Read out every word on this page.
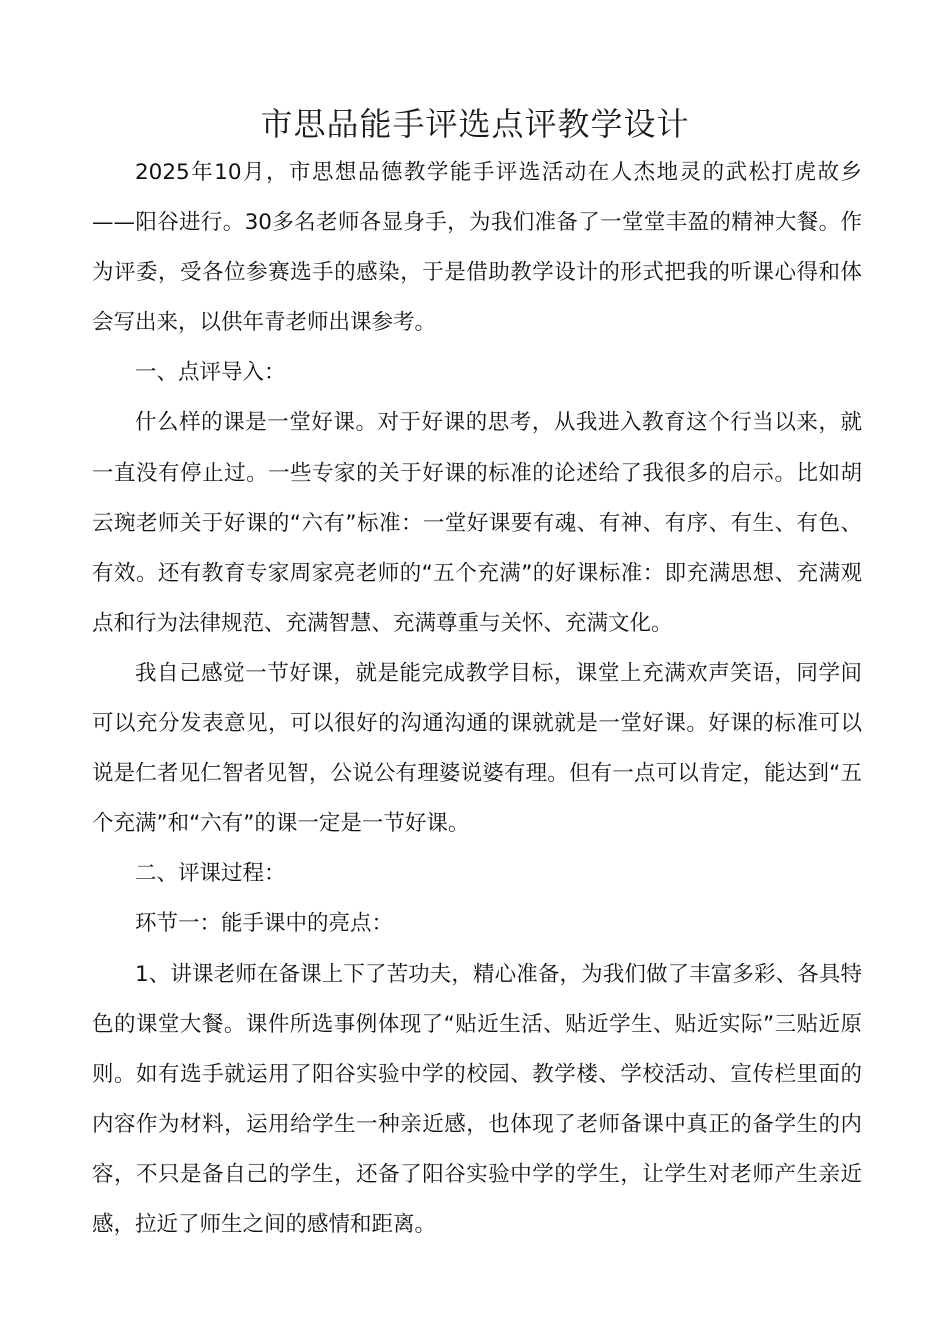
市思品能手评选点评教学设计

2025年10月，市思想品德教学能手评选活动在人杰地灵的武松打虎故乡——阳谷进行。30多名老师各显身手，为我们准备了一堂堂丰盈的精神大餐。作为评委，受各位参赛选手的感染，于是借助教学设计的形式把我的听课心得和体会写出来，以供年青老师出课参考。

一、点评导入：

什么样的课是一堂好课。对于好课的思考，从我进入教育这个行当以来，就一直没有停止过。一些专家的关于好课的标准的论述给了我很多的启示。比如胡云琬老师关于好课的“六有”标准：一堂好课要有魂、有神、有序、有生、有色、有效。还有教育专家周家亮老师的“五个充满”的好课标准：即充满思想、充满观点和行为法律规范、充满智慧、充满尊重与关怀、充满文化。

我自己感觉一节好课，就是能完成教学目标，课堂上充满欢声笑语，同学间可以充分发表意见，可以很好的沟通沟通的课就就是一堂好课。好课的标准可以说是仁者见仁智者见智，公说公有理婆说婆有理。但有一点可以肯定，能达到“五个充满”和“六有”的课一定是一节好课。

二、评课过程：

环节一：能手课中的亮点：

1、讲课老师在备课上下了苦功夫，精心准备，为我们做了丰富多彩、各具特色的课堂大餐。课件所选事例体现了“贴近生活、贴近学生、贴近实际”三贴近原则。如有选手就运用了阳谷实验中学的校园、教学楼、学校活动、宣传栏里面的内容作为材料，运用给学生一种亲近感，也体现了老师备课中真正的备学生的内容，不只是备自己的学生，还备了阳谷实验中学的学生，让学生对老师产生亲近感，拉近了师生之间的感情和距离。
